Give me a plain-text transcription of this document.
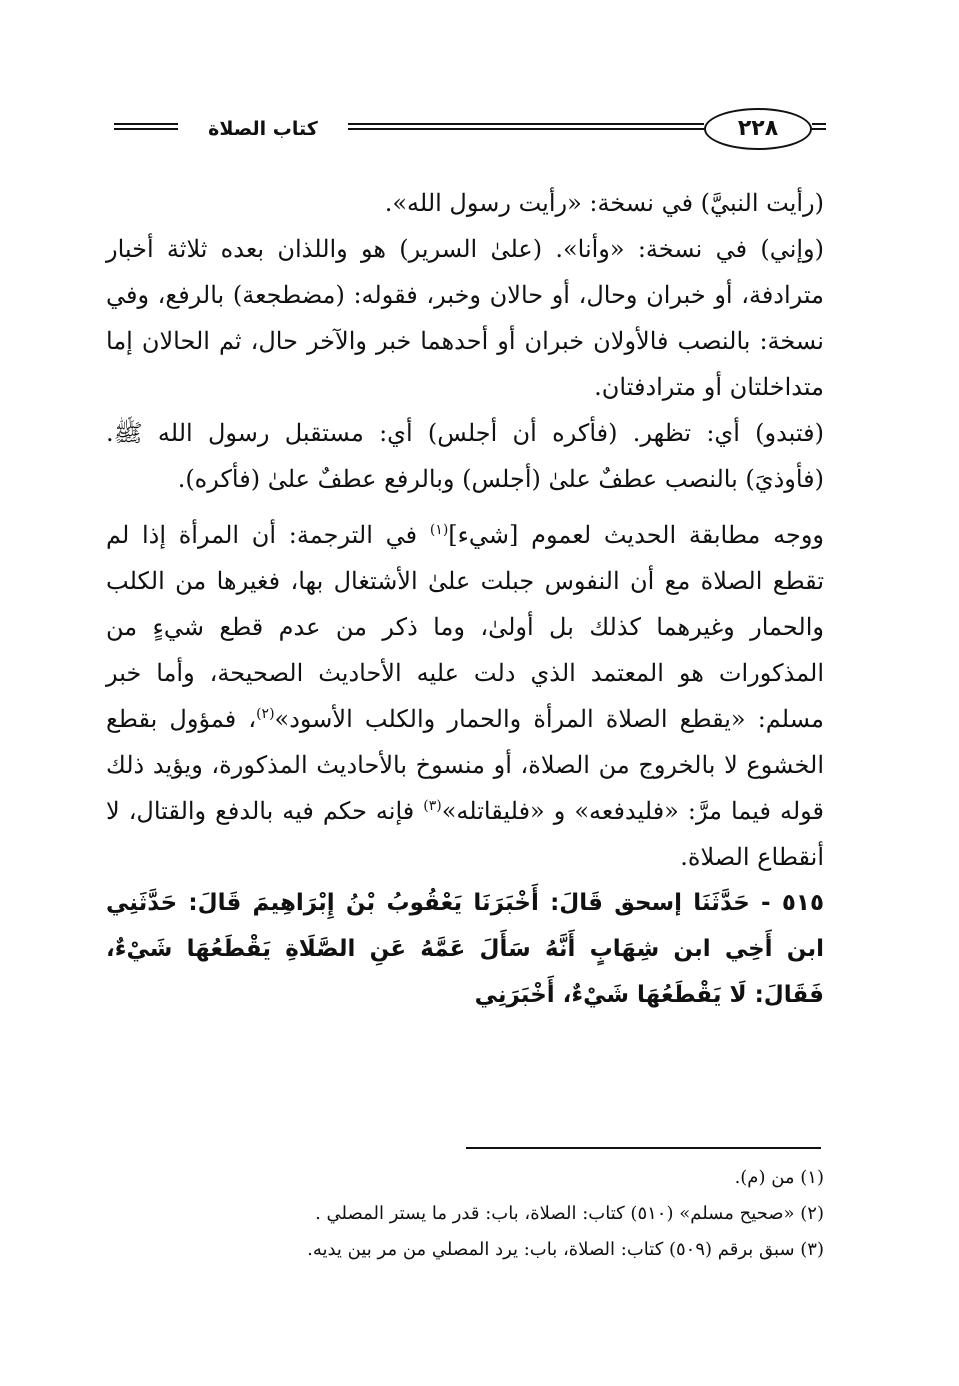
كتاب الصلاة	٢٢٨

(رأيت النبيَّ) في نسخة: «رأيت رسول الله».

(وإني) في نسخة: «وأنا». (علىٰ السرير) هو واللذان بعده ثلاثة أخبار مترادفة، أو خبران وحال، أو حالان وخبر، فقوله: (مضطجعة) بالرفع، وفي نسخة: بالنصب فالأولان خبران أو أحدهما خبر والآخر حال، ثم الحالان إما متداخلتان أو مترادفتان.

(فتبدو) أي: تظهر. (فأكره أن أجلس) أي: مستقبل رسول الله ﷺ. (فأوذيَ) بالنصب عطفٌ علىٰ (أجلس) وبالرفع عطفٌ علىٰ (فأكره).

ووجه مطابقة الحديث لعموم [شيء]$^{(١)}$ في الترجمة: أن المرأة إذا لم تقطع الصلاة مع أن النفوس جبلت علىٰ الأشتغال بها، فغيرها من الكلب والحمار وغيرهما كذلك بل أولىٰ، وما ذكر من عدم قطع شيءٍ من المذكورات هو المعتمد الذي دلت عليه الأحاديث الصحيحة، وأما خبر مسلم: «يقطع الصلاة المرأة والحمار والكلب الأسود»$^{(٢)}$، فمؤول بقطع الخشوع لا بالخروج من الصلاة، أو منسوخ بالأحاديث المذكورة، ويؤيد ذلك قوله فيما مرَّ: «فليدفعه» و «فليقاتله»$^{(٣)}$ فإنه حكم فيه بالدفع والقتال، لا أنقطاع الصلاة.

٥١٥ - حَدَّثَنَا إسحق قَالَ: أَخْبَرَنَا يَعْقُوبُ بْنُ إِبْرَاهِيمَ قَالَ: حَدَّثَنِي ابن أَخِي ابن شِهَابٍ أَنَّهُ سَأَلَ عَمَّهُ عَنِ الصَّلَاةِ يَقْطَعُهَا شَيْءٌ، فَقَالَ: لَا يَقْطَعُهَا شَيْءٌ، أَخْبَرَنِي

(١) من (م).

(٢) «صحيح مسلم» (٥١٠) كتاب: الصلاة، باب: قدر ما يستر المصلي .

(٣) سبق برقم (٥٠٩) كتاب: الصلاة، باب: يرد المصلي من مر بين يديه.
